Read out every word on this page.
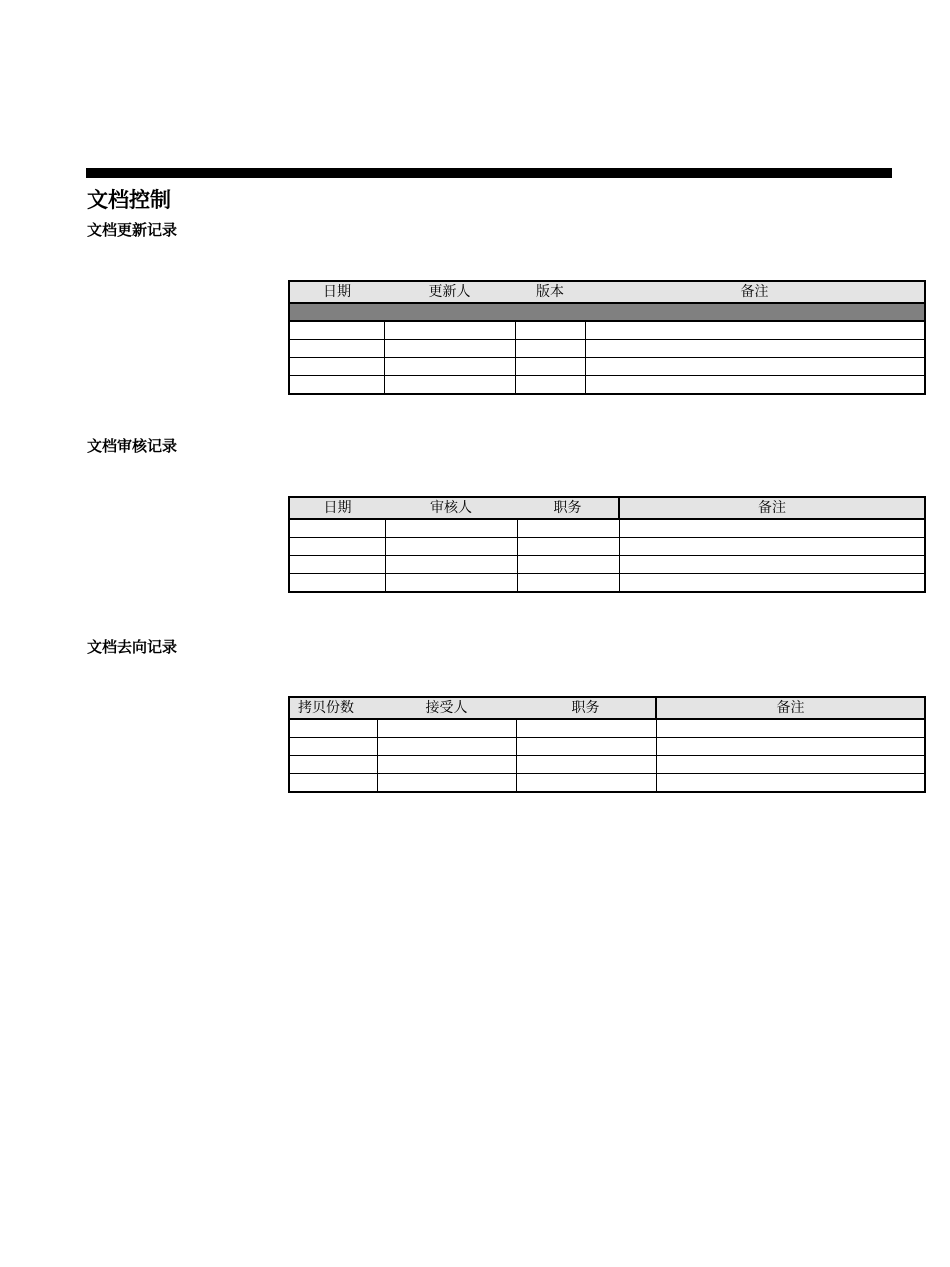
文档控制
文档更新记录
日期	更新人	版本	备注

文档审核记录
日期	审核人	职务	备注

文档去向记录
拷贝份数	接受人	职务	备注
